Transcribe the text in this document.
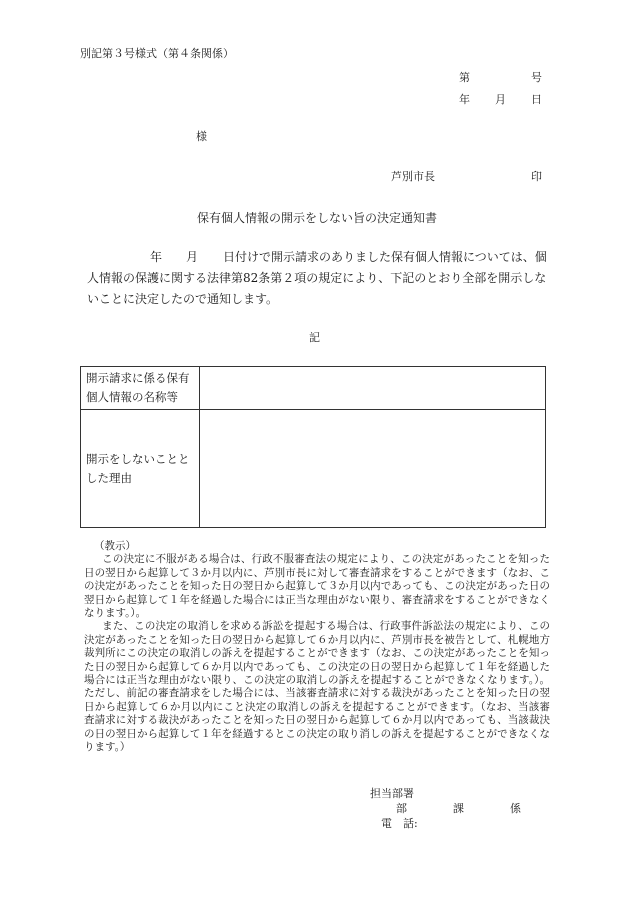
別記第３号様式（第４条関係）
第	号
年 月 日
様
芦別市長	印
保有個人情報の開示をしない旨の決定通知書
年 月 日付けで開示請求のありました保有個人情報については、個
人情報の保護に関する法律第82条第２項の規定により、下記のとおり全部を開示しな
いことに決定したので通知します。
記
開示請求に係る保有
個人情報の名称等	
開示をしないことと
した理由	

（教示）

この決定に不服がある場合は、行政不服審査法の規定により、この決定があったことを知った日の翌日から起算して３か月以内に、芦別市長に対して審査請求をすることができます（なお、この決定があったことを知った日の翌日から起算して３か月以内であっても、この決定があった日の翌日から起算して１年を経過した場合には正当な理由がない限り、審査請求をすることができなくなります。）。

また、この決定の取消しを求める訴訟を提起する場合は、行政事件訴訟法の規定により、この決定があったことを知った日の翌日から起算して６か月以内に、芦別市長を被告として、札幌地方裁判所にこの決定の取消しの訴えを提起することができます（なお、この決定があったことを知った日の翌日から起算して６か月以内であっても、この決定の日の翌日から起算して１年を経過した場合には正当な理由がない限り、この決定の取消しの訴えを提起することができなくなります。）。ただし、前記の審査請求をした場合には、当該審査請求に対する裁決があったことを知った日の翌日から起算して６か月以内にこと決定の取消しの訴えを提起することができます。（なお、当該審査請求に対する裁決があったことを知った日の翌日から起算して６か月以内であっても、当該裁決の日の翌日から起算して１年を経過するとこの決定の取り消しの訴えを提起することができなくなります。）

担当部署
部	課	係
電　話:
